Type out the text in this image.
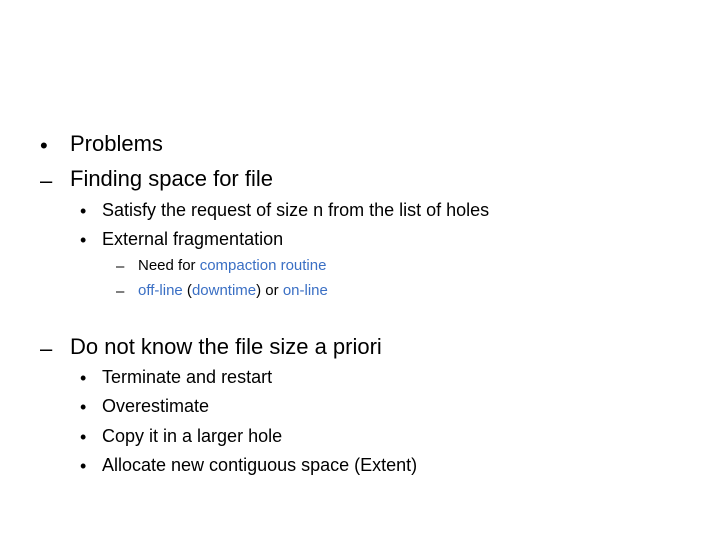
• Problems
– Finding space for file
• Satisfy the request of size n from the list of holes
• External fragmentation
– Need for compaction routine
– off-line (downtime) or on-line
– Do not know the file size a priori
• Terminate and restart
• Overestimate
• Copy it in a larger hole
• Allocate new contiguous space (Extent)
